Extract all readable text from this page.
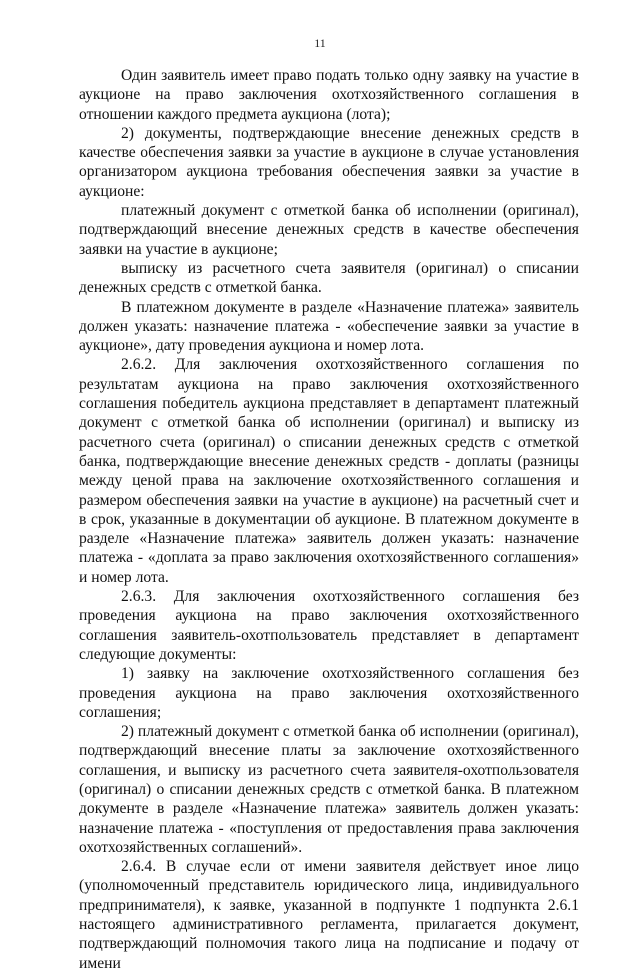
11

Один заявитель имеет право подать только одну заявку на участие в аукционе на право заключения охотхозяйственного соглашения в отношении каждого предмета аукциона (лота);

2) документы, подтверждающие внесение денежных средств в качестве обеспечения заявки за участие в аукционе в случае установления организатором аукциона требования обеспечения заявки за участие в аукционе:

платежный документ с отметкой банка об исполнении (оригинал), подтверждающий внесение денежных средств в качестве обеспечения заявки на участие в аукционе;

выписку из расчетного счета заявителя (оригинал) о списании денежных средств с отметкой банка.

В платежном документе в разделе «Назначение платежа» заявитель должен указать: назначение платежа - «обеспечение заявки за участие в аукционе», дату проведения аукциона и номер лота.

2.6.2. Для заключения охотхозяйственного соглашения по результатам аукциона на право заключения охотхозяйственного соглашения победитель аукциона представляет в департамент платежный документ с отметкой банка об исполнении (оригинал) и выписку из расчетного счета (оригинал) о списании денежных средств с отметкой банка, подтверждающие внесение денежных средств - доплаты (разницы между ценой права на заключение охотхозяйственного соглашения и размером обеспечения заявки на участие в аукционе) на расчетный счет и в срок, указанные в документации об аукционе. В платежном документе в разделе «Назначение платежа» заявитель должен указать: назначение платежа - «доплата за право заключения охотхозяйственного соглашения» и номер лота.

2.6.3. Для заключения охотхозяйственного соглашения без проведения аукциона на право заключения охотхозяйственного соглашения заявитель-охотпользователь представляет в департамент следующие документы:

1) заявку на заключение охотхозяйственного соглашения без проведения аукциона на право заключения охотхозяйственного соглашения;

2) платежный документ с отметкой банка об исполнении (оригинал), подтверждающий внесение платы за заключение охотхозяйственного соглашения, и выписку из расчетного счета заявителя-охотпользователя (оригинал) о списании денежных средств с отметкой банка. В платежном документе в разделе «Назначение платежа» заявитель должен указать: назначение платежа - «поступления от предоставления права заключения охотхозяйственных соглашений».

2.6.4. В случае если от имени заявителя действует иное лицо (уполномоченный представитель юридического лица, индивидуального предпринимателя), к заявке, указанной в подпункте 1 подпункта 2.6.1 настоящего административного регламента, прилагается документ, подтверждающий полномочия такого лица на подписание и подачу от имени
